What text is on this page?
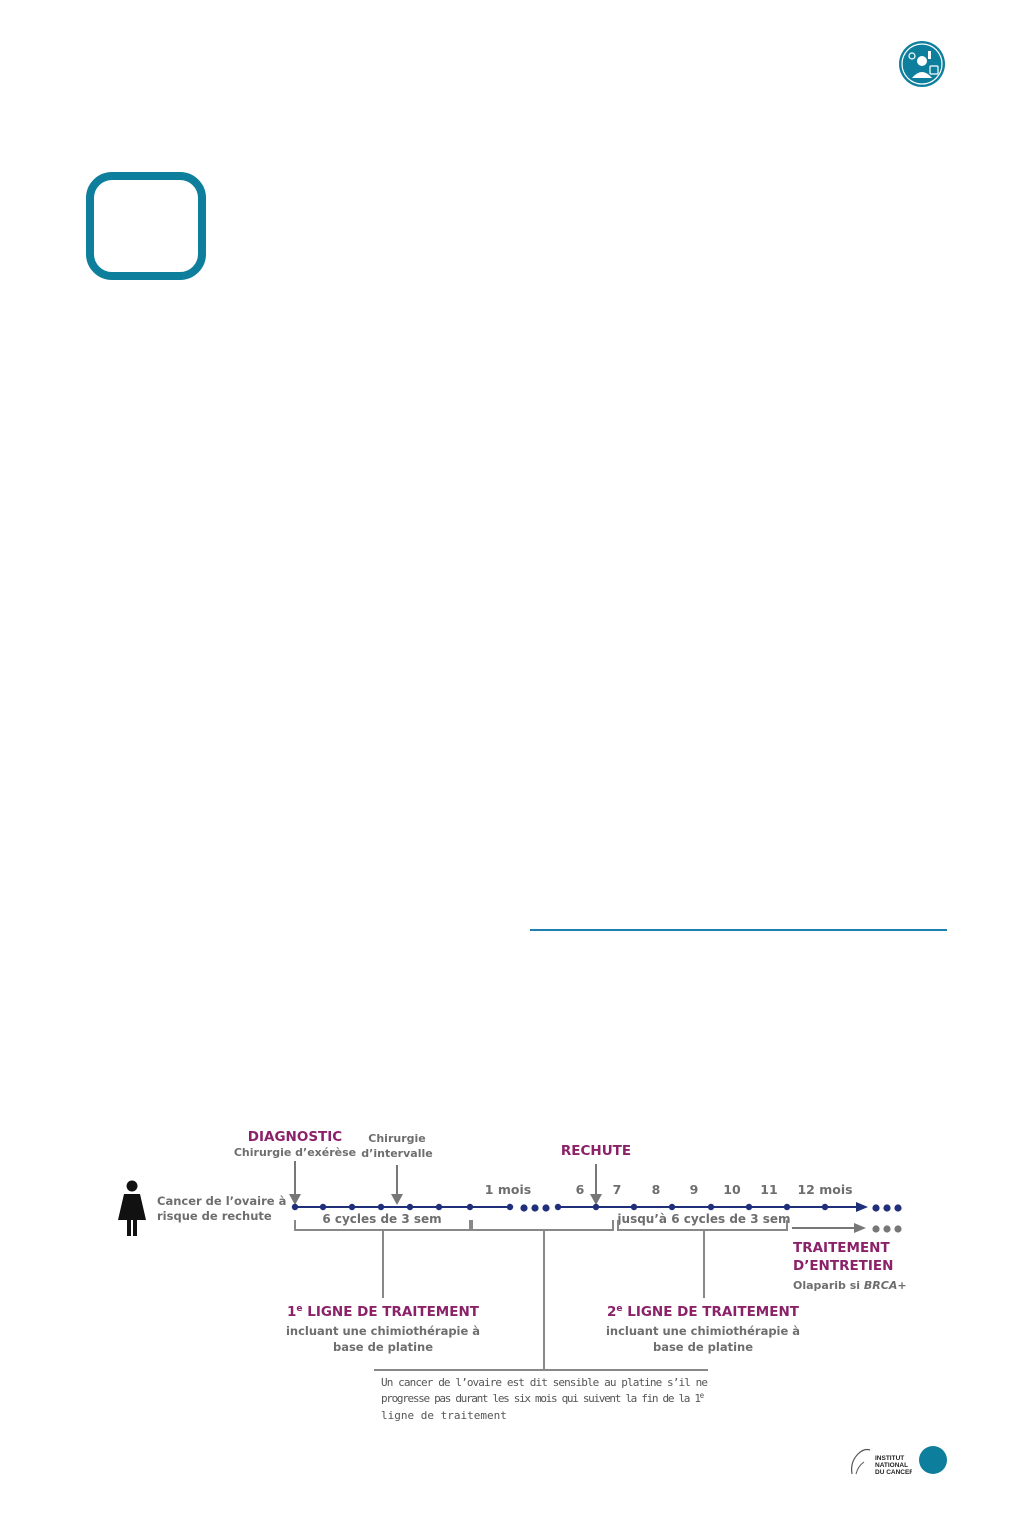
Cancer de l’ovaire à
risque de rechute
DIAGNOSTIC
Chirurgie d’exérèse
Chirurgie
d’intervalle	RECHUTE
1 mois	6 7 8 9 10 11 12 mois
6 cycles de 3 sem	jusqu’à 6 cycles de 3 sem
1e LIGNE DE TRAITEMENT
incluant une chimiothérapie à
base de platine
2e LIGNE DE TRAITEMENT
incluant une chimiothérapie à
base de platine
TRAITEMENT
D’ENTRETIEN
Olaparib si BRCA+
Un cancer de l’ovaire est dit sensible au platine s’il ne
progresse pas durant les six mois qui suivent la fin de la 1e
ligne de traitement
INSTITUT
NATIONAL
DU CANCER
